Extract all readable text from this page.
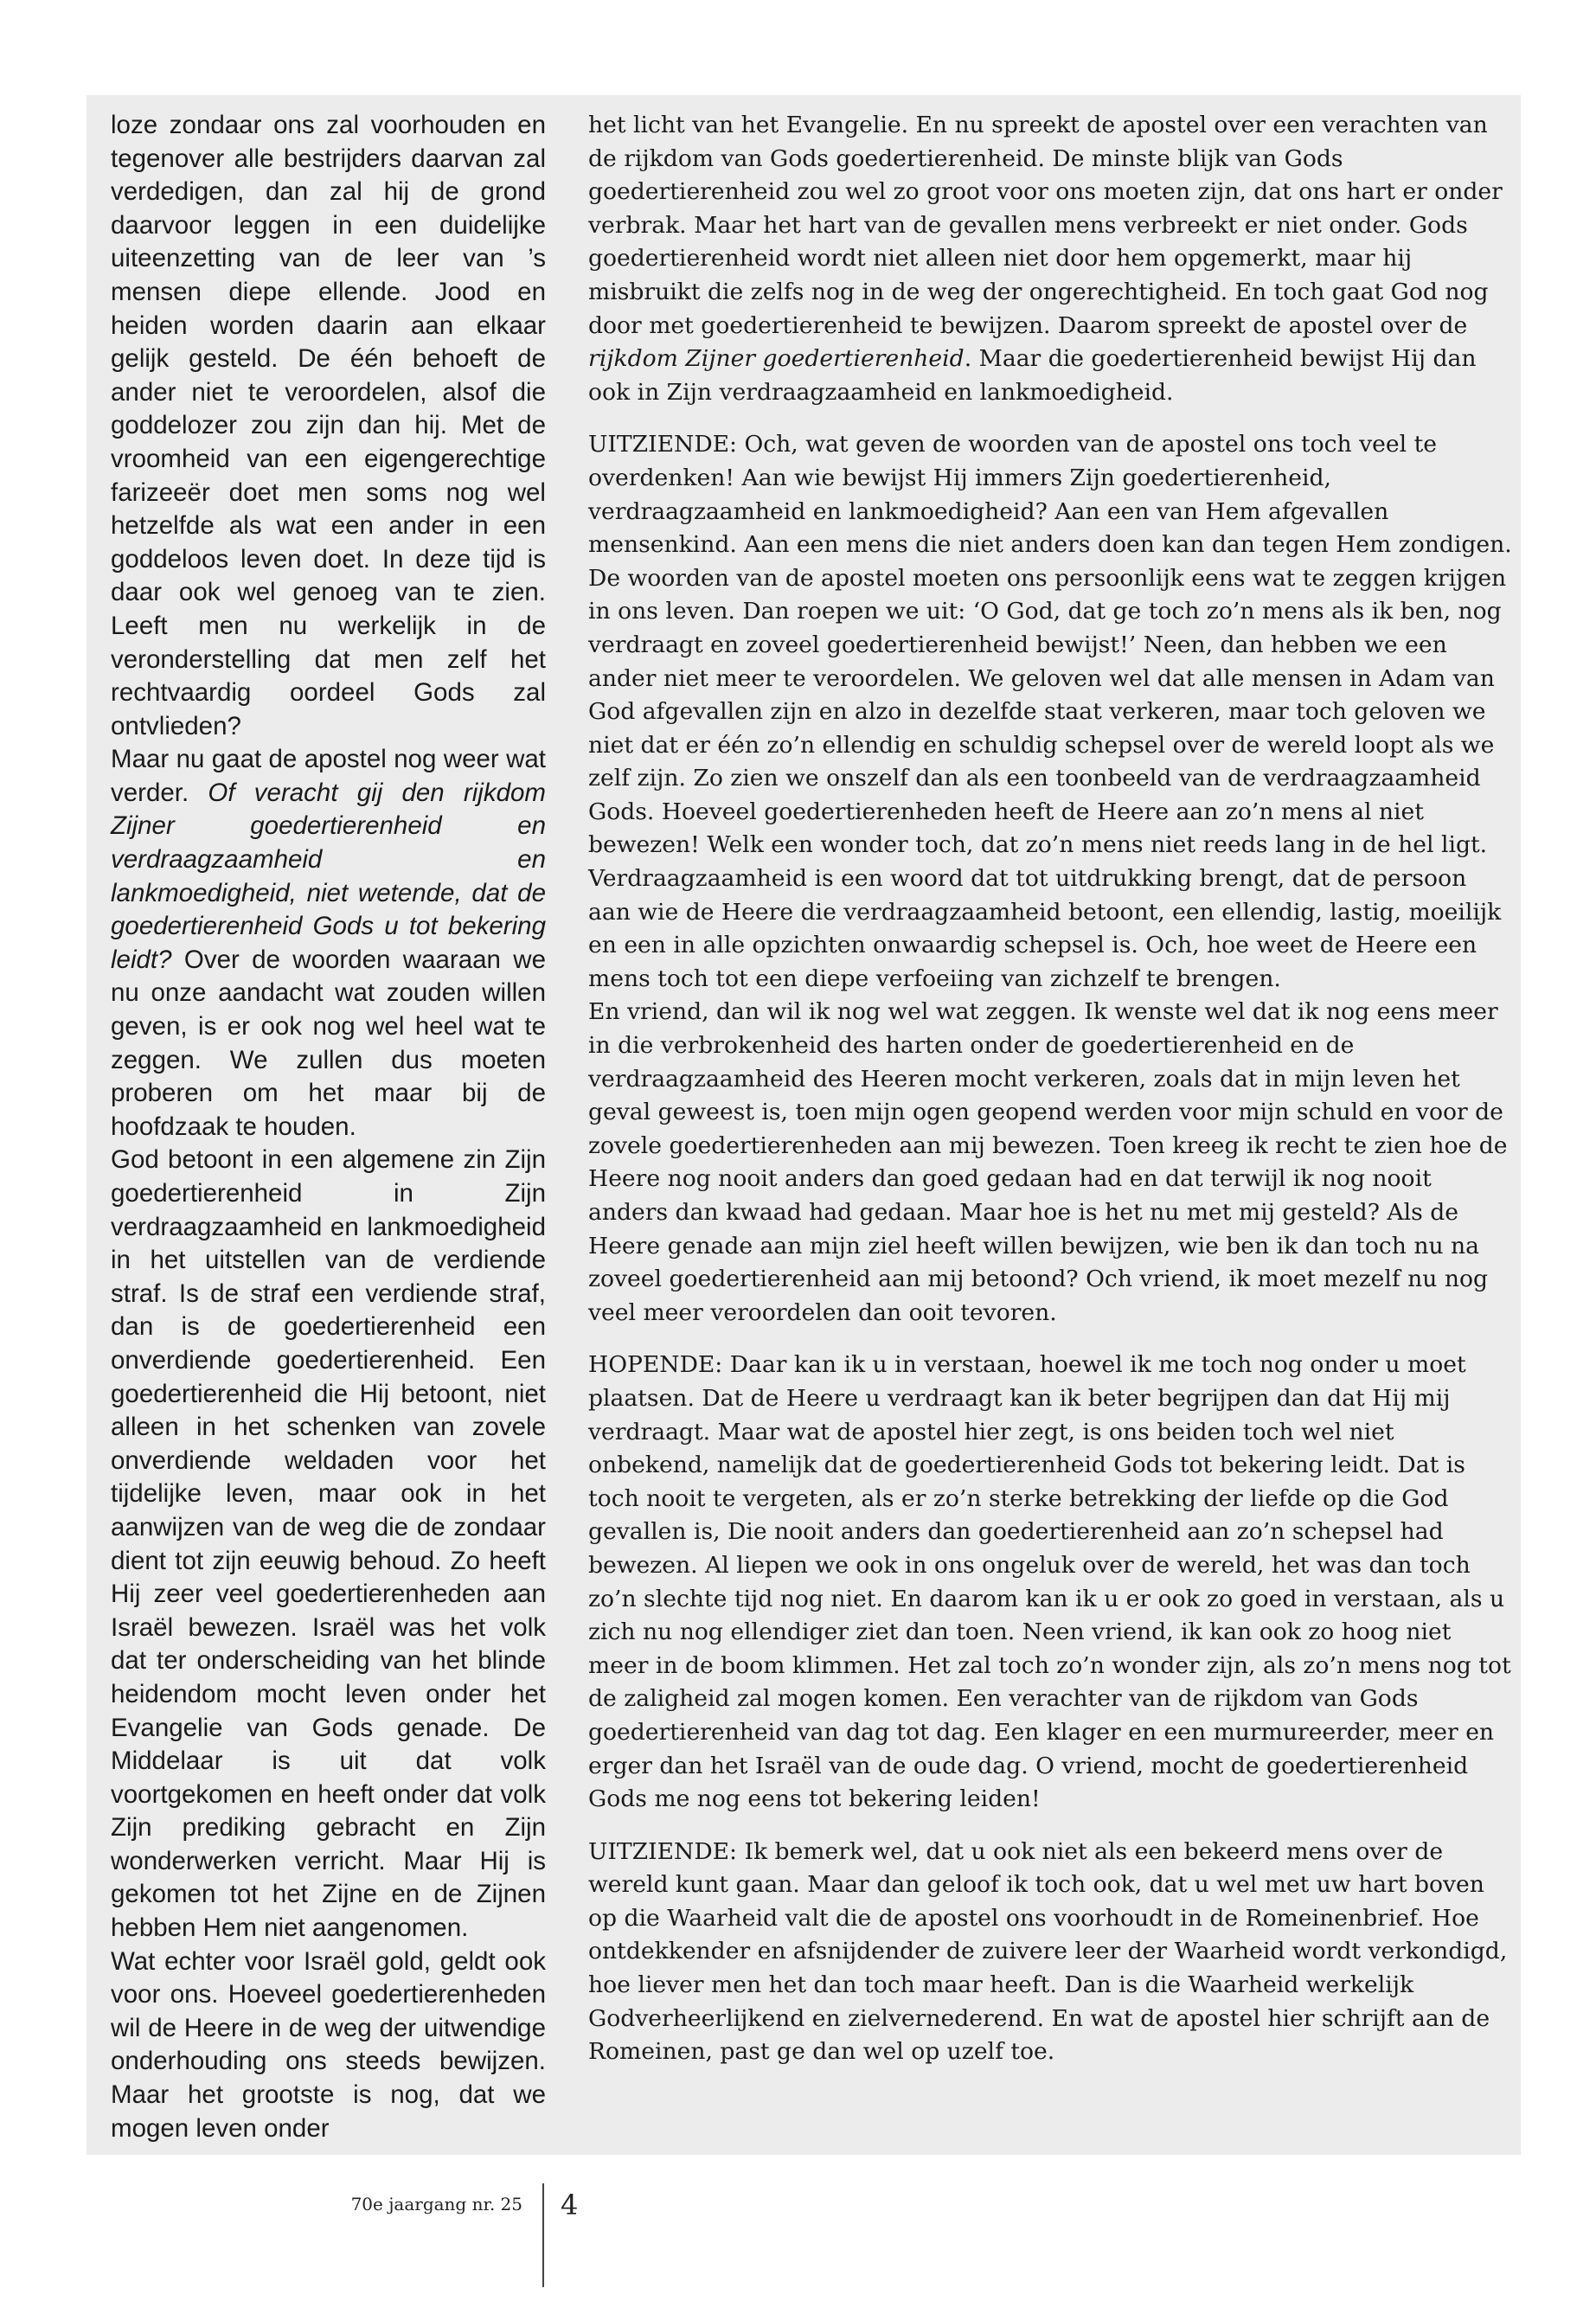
loze zondaar ons zal voorhouden en tegenover alle bestrijders daarvan zal verdedigen, dan zal hij de grond daarvoor leggen in een duidelijke uiteenzetting van de leer van ’s mensen diepe ellende. Jood en heiden worden daarin aan elkaar gelijk gesteld. De één behoeft de ander niet te veroordelen, alsof die goddelozer zou zijn dan hij. Met de vroomheid van een eigengerechtige farizeeër doet men soms nog wel hetzelfde als wat een ander in een goddeloos leven doet. In deze tijd is daar ook wel genoeg van te zien. Leeft men nu werkelijk in de veronderstelling dat men zelf het rechtvaardig oordeel Gods zal ontvlieden?

Maar nu gaat de apostel nog weer wat verder. Of veracht gij den rijkdom Zijner goedertierenheid en verdraagzaamheid en lankmoedigheid, niet wetende, dat de goedertierenheid Gods u tot bekering leidt? Over de woorden waaraan we nu onze aandacht wat zouden willen geven, is er ook nog wel heel wat te zeggen. We zullen dus moeten proberen om het maar bij de hoofdzaak te houden.

God betoont in een algemene zin Zijn goedertierenheid in Zijn verdraagzaamheid en lankmoedigheid in het uitstellen van de verdiende straf. Is de straf een verdiende straf, dan is de goedertierenheid een onverdiende goedertierenheid. Een goedertierenheid die Hij betoont, niet alleen in het schenken van zovele onverdiende weldaden voor het tijdelijke leven, maar ook in het aanwijzen van de weg die de zondaar dient tot zijn eeuwig behoud. Zo heeft Hij zeer veel goedertierenheden aan Israël bewezen. Israël was het volk dat ter onderscheiding van het blinde heidendom mocht leven onder het Evangelie van Gods genade. De Middelaar is uit dat volk voortgekomen en heeft onder dat volk Zijn prediking gebracht en Zijn wonderwerken verricht. Maar Hij is gekomen tot het Zijne en de Zijnen hebben Hem niet aangenomen.

Wat echter voor Israël gold, geldt ook voor ons. Hoeveel goedertierenheden wil de Heere in de weg der uitwendige onderhouding ons steeds bewijzen. Maar het grootste is nog, dat we mogen leven onder

het licht van het Evangelie. En nu spreekt de apostel over een verachten van de rijkdom van Gods goedertierenheid. De minste blijk van Gods goedertierenheid zou wel zo groot voor ons moeten zijn, dat ons hart er onder verbrak. Maar het hart van de gevallen mens verbreekt er niet onder. Gods goedertierenheid wordt niet alleen niet door hem opgemerkt, maar hij misbruikt die zelfs nog in de weg der ongerechtigheid. En toch gaat God nog door met goedertierenheid te bewijzen. Daarom spreekt de apostel over de rijkdom Zijner goedertierenheid. Maar die goedertierenheid bewijst Hij dan ook in Zijn verdraagzaamheid en lankmoedigheid.

UITZIENDE: Och, wat geven de woorden van de apostel ons toch veel te overdenken! Aan wie bewijst Hij immers Zijn goedertierenheid, verdraagzaamheid en lankmoedigheid? Aan een van Hem afgevallen mensenkind. Aan een mens die niet anders doen kan dan tegen Hem zondigen. De woorden van de apostel moeten ons persoonlijk eens wat te zeggen krijgen in ons leven. Dan roepen we uit: ‘O God, dat ge toch zo’n mens als ik ben, nog verdraagt en zoveel goedertierenheid bewijst!’ Neen, dan hebben we een ander niet meer te veroordelen. We geloven wel dat alle mensen in Adam van God afgevallen zijn en alzo in dezelfde staat verkeren, maar toch geloven we niet dat er één zo’n ellendig en schuldig schepsel over de wereld loopt als we zelf zijn. Zo zien we onszelf dan als een toonbeeld van de verdraagzaamheid Gods. Hoeveel goedertierenheden heeft de Heere aan zo’n mens al niet bewezen! Welk een wonder toch, dat zo’n mens niet reeds lang in de hel ligt.

Verdraagzaamheid is een woord dat tot uitdrukking brengt, dat de persoon aan wie de Heere die verdraagzaamheid betoont, een ellendig, lastig, moeilijk en een in alle opzichten onwaardig schepsel is. Och, hoe weet de Heere een mens toch tot een diepe verfoeiing van zichzelf te brengen.

En vriend, dan wil ik nog wel wat zeggen. Ik wenste wel dat ik nog eens meer in die verbrokenheid des harten onder de goedertierenheid en de verdraagzaamheid des Heeren mocht verkeren, zoals dat in mijn leven het geval geweest is, toen mijn ogen geopend werden voor mijn schuld en voor de zovele goedertierenheden aan mij bewezen. Toen kreeg ik recht te zien hoe de Heere nog nooit anders dan goed gedaan had en dat terwijl ik nog nooit anders dan kwaad had gedaan. Maar hoe is het nu met mij gesteld? Als de Heere genade aan mijn ziel heeft willen bewijzen, wie ben ik dan toch nu na zoveel goedertierenheid aan mij betoond? Och vriend, ik moet mezelf nu nog veel meer veroordelen dan ooit tevoren.

HOPENDE: Daar kan ik u in verstaan, hoewel ik me toch nog onder u moet plaatsen. Dat de Heere u verdraagt kan ik beter begrijpen dan dat Hij mij verdraagt. Maar wat de apostel hier zegt, is ons beiden toch wel niet onbekend, namelijk dat de goedertierenheid Gods tot bekering leidt. Dat is toch nooit te vergeten, als er zo’n sterke betrekking der liefde op die God gevallen is, Die nooit anders dan goedertierenheid aan zo’n schepsel had bewezen. Al liepen we ook in ons ongeluk over de wereld, het was dan toch zo’n slechte tijd nog niet. En daarom kan ik u er ook zo goed in verstaan, als u zich nu nog ellendiger ziet dan toen. Neen vriend, ik kan ook zo hoog niet meer in de boom klimmen. Het zal toch zo’n wonder zijn, als zo’n mens nog tot de zaligheid zal mogen komen. Een verachter van de rijkdom van Gods goedertierenheid van dag tot dag. Een klager en een murmureerder, meer en erger dan het Israël van de oude dag. O vriend, mocht de goedertierenheid Gods me nog eens tot bekering leiden!

UITZIENDE: Ik bemerk wel, dat u ook niet als een bekeerd mens over de wereld kunt gaan. Maar dan geloof ik toch ook, dat u wel met uw hart boven op die Waarheid valt die de apostel ons voorhoudt in de Romeinenbrief. Hoe ontdekkender en afsnijdender de zuivere leer der Waarheid wordt verkondigd, hoe liever men het dan toch maar heeft. Dan is die Waarheid werkelijk Godverheerlijkend en zielvernederend. En wat de apostel hier schrijft aan de Romeinen, past ge dan wel op uzelf toe.

70e jaargang nr. 25 4
